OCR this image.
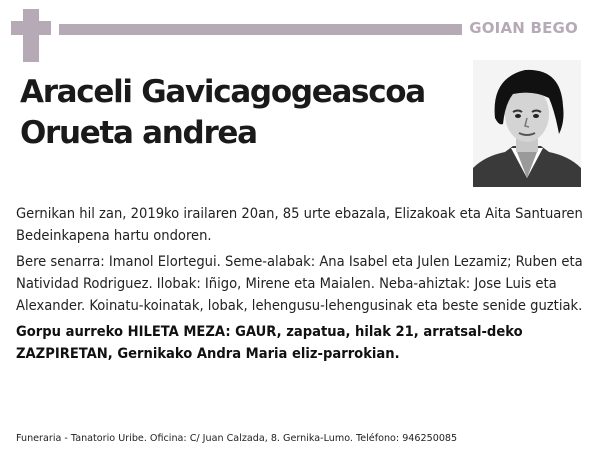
GOIAN BEGO
Araceli Gavicagogeascoa
Orueta andrea

Gernikan hil zan, 2019ko irailaren 20an, 85 urte ebazala, Elizakoak eta Aita Santuaren Bedeinkapena hartu ondoren.

Bere senarra: Imanol Elortegui. Seme-alabak: Ana Isabel eta Julen Lezamiz; Ruben eta Natividad Rodriguez. Ilobak: Iñigo, Mirene eta Maialen. Neba-ahiztak: Jose Luis eta Alexander. Koinatu-koinatak, lobak, lehengusu-lehengusinak eta beste senide guztiak.

Gorpu aurreko HILETA MEZA: GAUR, zapatua, hilak 21, arratsal-deko ZAZPIRETAN, Gernikako Andra Maria eliz-parrokian.

Funeraria - Tanatorio Uribe. Oficina: C/ Juan Calzada, 8. Gernika-Lumo. Teléfono: 946250085
